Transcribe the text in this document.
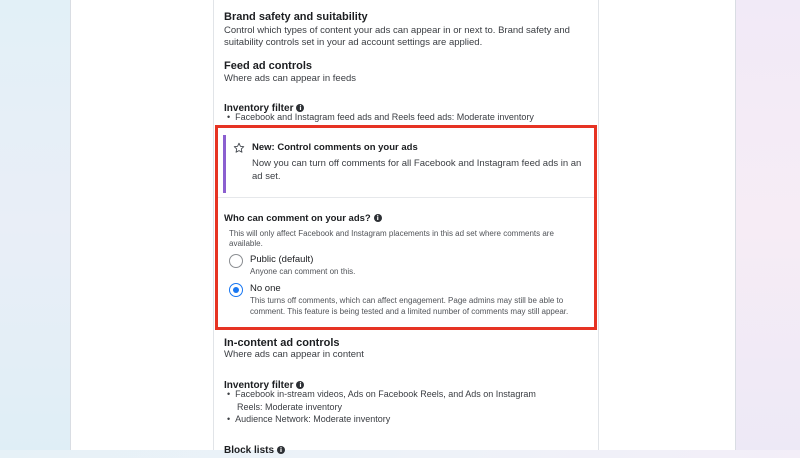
Brand safety and suitability
Control which types of content your ads can appear in or next to. Brand safety and
suitability controls set in your ad account settings are applied.
Feed ad controls
Where ads can appear in feeds
Inventory filter i
•  Facebook and Instagram feed ads and Reels feed ads: Moderate inventory
New: Control comments on your ads
Now you can turn off comments for all Facebook and Instagram feed ads in an
ad set.
Who can comment on your ads? i
This will only affect Facebook and Instagram placements in this ad set where comments are
available.
Public (default)
Anyone can comment on this.
No one
This turns off comments, which can affect engagement. Page admins may still be able to
comment. This feature is being tested and a limited number of comments may still appear.
In-content ad controls
Where ads can appear in content
Inventory filter i
•  Facebook in-stream videos, Ads on Facebook Reels, and Ads on Instagram
Reels: Moderate inventory
•  Audience Network: Moderate inventory
Block lists i
